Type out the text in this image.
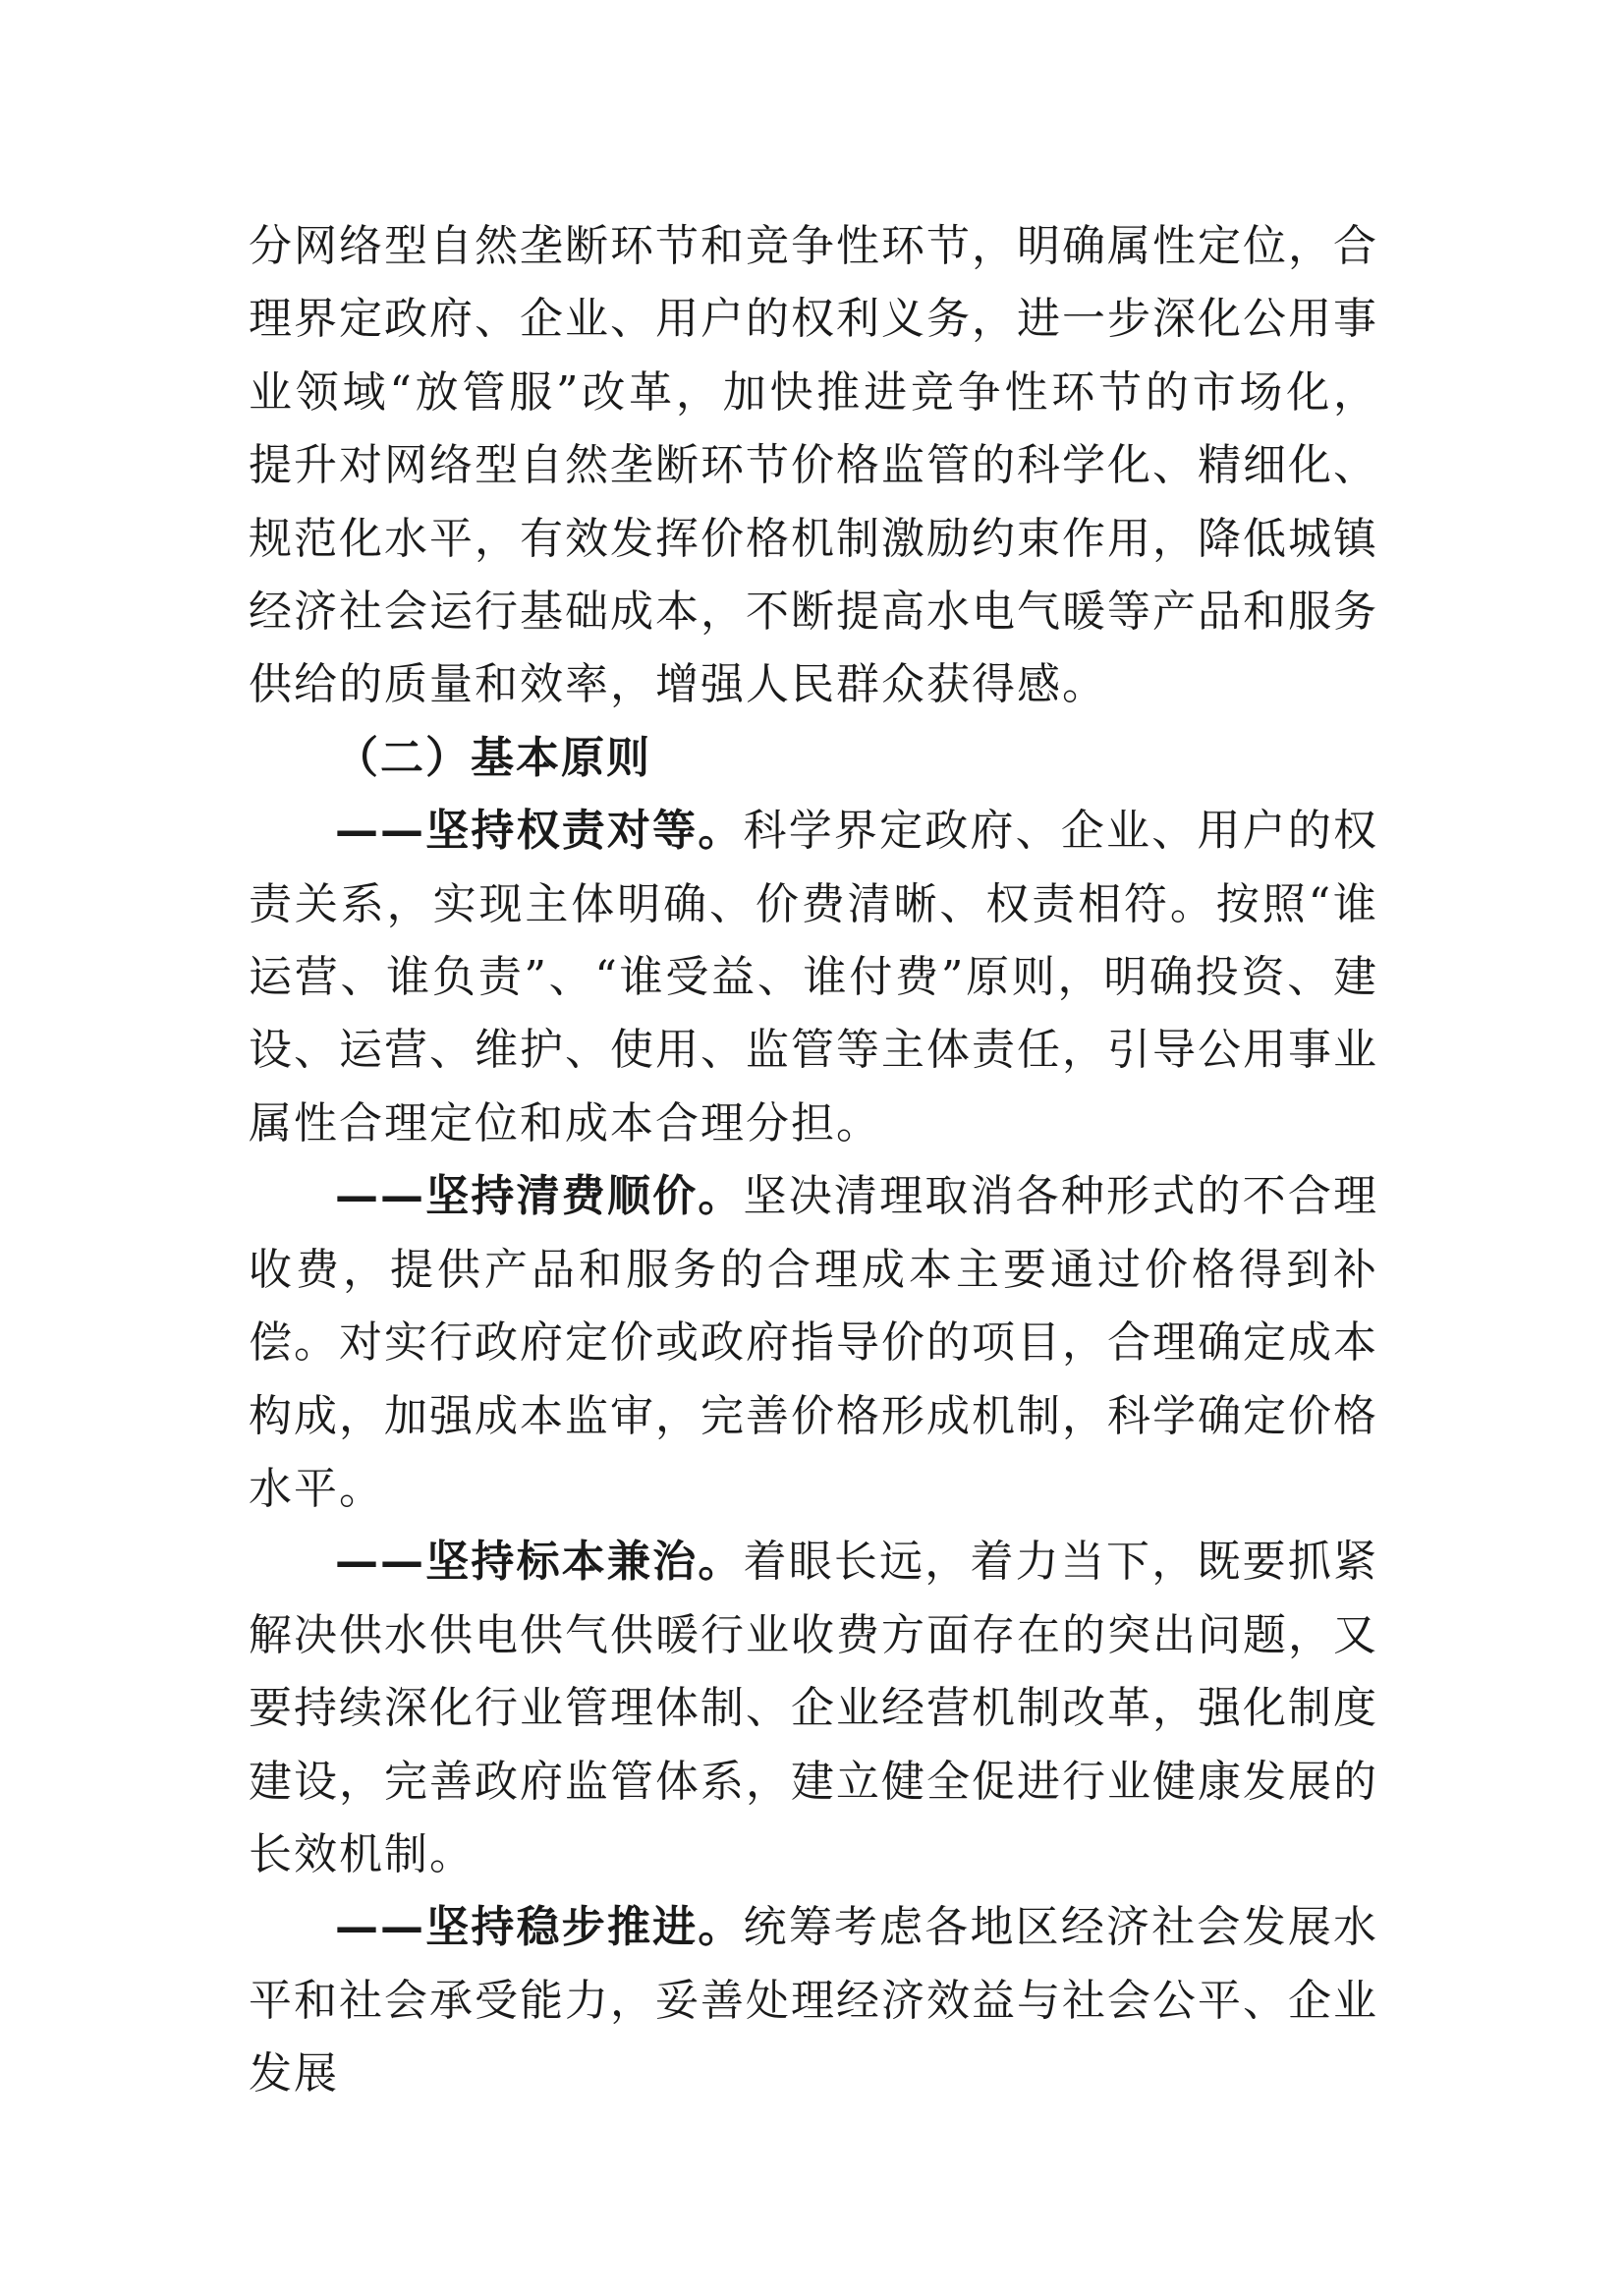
分网络型自然垄断环节和竞争性环节，明确属性定位，合理界定政府、企业、用户的权利义务，进一步深化公用事业领域“放管服”改革，加快推进竞争性环节的市场化，提升对网络型自然垄断环节价格监管的科学化、精细化、规范化水平，有效发挥价格机制激励约束作用，降低城镇经济社会运行基础成本，不断提高水电气暖等产品和服务供给的质量和效率，增强人民群众获得感。

（二）基本原则

——坚持权责对等。科学界定政府、企业、用户的权责关系，实现主体明确、价费清晰、权责相符。按照“谁运营、谁负责”、“谁受益、谁付费”原则，明确投资、建设、运营、维护、使用、监管等主体责任，引导公用事业属性合理定位和成本合理分担。

——坚持清费顺价。坚决清理取消各种形式的不合理收费，提供产品和服务的合理成本主要通过价格得到补偿。对实行政府定价或政府指导价的项目，合理确定成本构成，加强成本监审，完善价格形成机制，科学确定价格水平。

——坚持标本兼治。着眼长远，着力当下，既要抓紧解决供水供电供气供暖行业收费方面存在的突出问题，又要持续深化行业管理体制、企业经营机制改革，强化制度建设，完善政府监管体系，建立健全促进行业健康发展的长效机制。

——坚持稳步推进。统筹考虑各地区经济社会发展水平和社会承受能力，妥善处理经济效益与社会公平、企业发展
